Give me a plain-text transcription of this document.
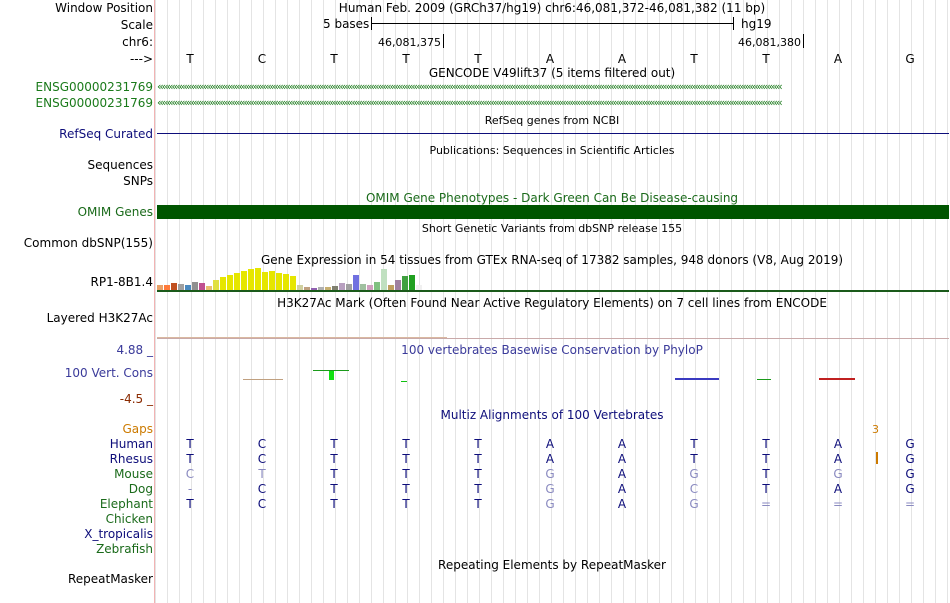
Window Position	Human Feb. 2009 (GRCh37/hg19) chr6:46,081,372-46,081,382 (11 bp)
Scale	5 bases	hg19
chr6:	46,081,375	46,081,380
--->	T	C	T	T	T	A	A	T	T	A	G
GENCODE V49lift37 (5 items filtered out)
ENSG00000231769 ‹‹‹‹‹‹‹‹‹‹‹‹‹‹‹‹‹‹‹‹‹‹‹‹‹‹‹‹‹‹‹‹‹‹‹‹‹‹‹‹‹‹‹‹‹‹‹‹‹‹‹‹‹‹‹‹‹‹‹‹‹‹‹‹‹‹‹‹‹‹‹‹‹‹‹‹‹‹‹‹‹‹‹‹‹‹‹‹‹‹‹‹‹‹‹‹‹‹‹‹‹‹‹‹‹‹‹‹‹‹‹‹‹‹‹‹‹‹‹‹‹‹‹‹‹‹‹‹‹‹‹‹‹‹‹‹‹‹‹‹‹‹‹‹‹‹‹‹‹‹‹‹‹‹‹‹‹‹‹‹‹‹‹‹‹‹‹‹‹‹‹‹‹‹‹‹‹‹‹‹‹‹‹‹‹‹‹‹‹‹‹‹‹‹‹‹‹‹‹‹‹‹‹‹‹‹‹‹‹‹‹‹‹‹‹‹‹‹‹‹‹‹‹‹‹‹‹‹‹‹‹‹‹‹‹‹‹‹‹‹‹‹‹‹‹‹‹‹‹‹‹‹‹‹‹‹‹‹‹‹
ENSG00000231769 ‹‹‹‹‹‹‹‹‹‹‹‹‹‹‹‹‹‹‹‹‹‹‹‹‹‹‹‹‹‹‹‹‹‹‹‹‹‹‹‹‹‹‹‹‹‹‹‹‹‹‹‹‹‹‹‹‹‹‹‹‹‹‹‹‹‹‹‹‹‹‹‹‹‹‹‹‹‹‹‹‹‹‹‹‹‹‹‹‹‹‹‹‹‹‹‹‹‹‹‹‹‹‹‹‹‹‹‹‹‹‹‹‹‹‹‹‹‹‹‹‹‹‹‹‹‹‹‹‹‹‹‹‹‹‹‹‹‹‹‹‹‹‹‹‹‹‹‹‹‹‹‹‹‹‹‹‹‹‹‹‹‹‹‹‹‹‹‹‹‹‹‹‹‹‹‹‹‹‹‹‹‹‹‹‹‹‹‹‹‹‹‹‹‹‹‹‹‹‹‹‹‹‹‹‹‹‹‹‹‹‹‹‹‹‹‹‹‹‹‹‹‹‹‹‹‹‹‹‹‹‹‹‹‹‹‹‹‹‹‹‹‹‹‹‹‹‹‹‹‹‹‹‹‹‹‹‹‹‹‹
RefSeq genes from NCBI
RefSeq Curated
Publications: Sequences in Scientific Articles
Sequences
SNPs
OMIM Gene Phenotypes - Dark Green Can Be Disease-causing
OMIM Genes
Short Genetic Variants from dbSNP release 155
Common dbSNP(155)
Gene Expression in 54 tissues from GTEx RNA-seq of 17382 samples, 948 donors (V8, Aug 2019)
RP1-8B1.4
H3K27Ac Mark (Often Found Near Active Regulatory Elements) on 7 cell lines from ENCODE
Layered H3K27Ac
4.88 _	100 vertebrates Basewise Conservation by PhyloP
100 Vert. Cons
-4.5 _
Multiz Alignments of 100 Vertebrates
Gaps	3
Human	T	C	T	T	T	A	A	T	T	A	G
Rhesus	T	C	T	T	T	A	A	T	T	A	G
Mouse	C	T	T	T	T	G	A	G	T	G	G
Dog	-	C	T	T	T	G	A	C	T	A	G
Elephant	T	C	T	T	T	G	A	G	=	=	=
Chicken
X_tropicalis
Zebrafish
Repeating Elements by RepeatMasker
RepeatMasker
